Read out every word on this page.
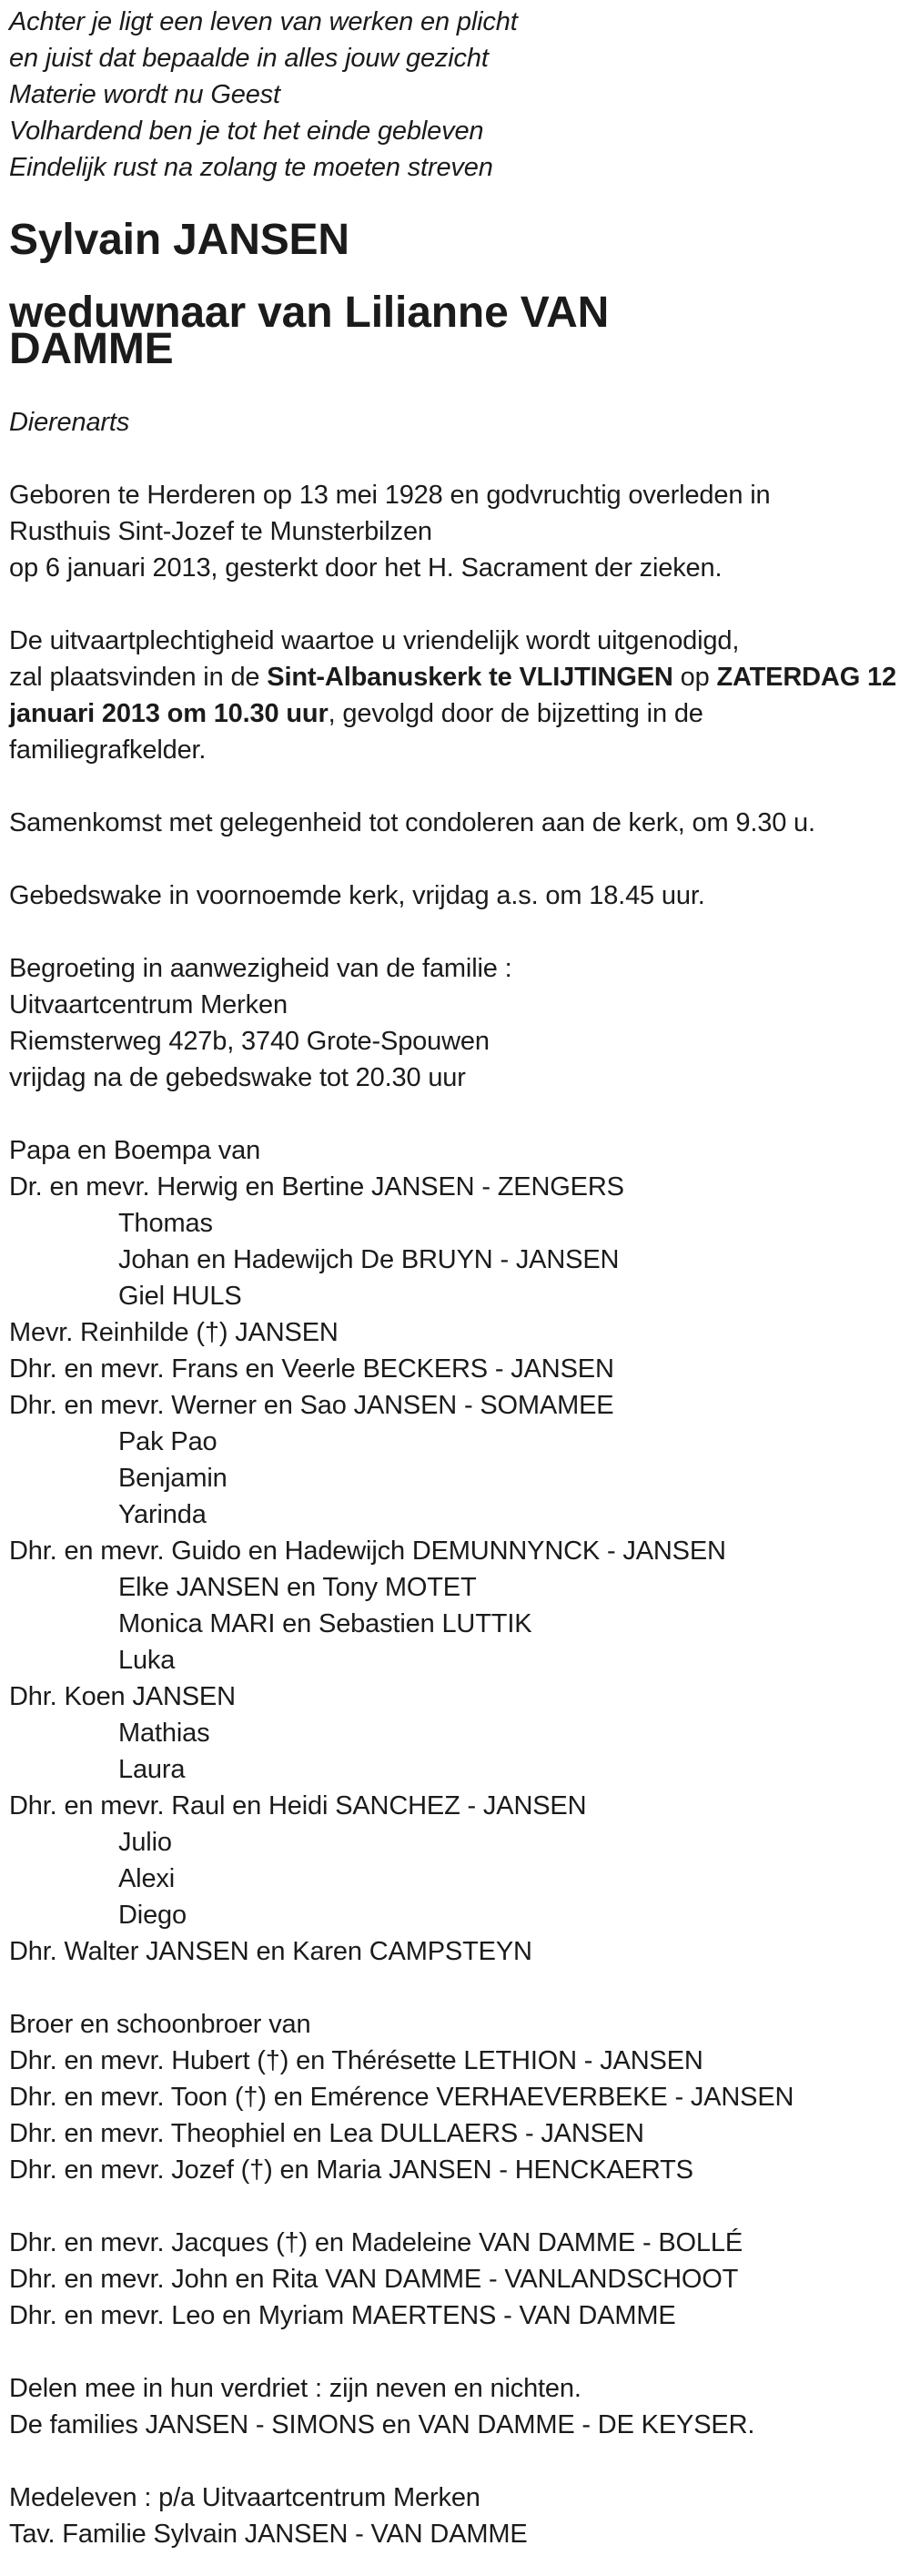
Achter je ligt een leven van werken en plicht
en juist dat bepaalde in alles jouw gezicht
Materie wordt nu Geest
Volhardend ben je tot het einde gebleven
Eindelijk rust na zolang te moeten streven
Sylvain JANSEN
weduwnaar van Lilianne VAN
DAMME
Dierenarts
Geboren te Herderen op 13 mei 1928 en godvruchtig overleden in
Rusthuis Sint-Jozef te Munsterbilzen
op 6 januari 2013, gesterkt door het H. Sacrament der zieken.
De uitvaartplechtigheid waartoe u vriendelijk wordt uitgenodigd,
zal plaatsvinden in de Sint-Albanuskerk te VLIJTINGEN op ZATERDAG 12
januari 2013 om 10.30 uur, gevolgd door de bijzetting in de
familiegrafkelder.
Samenkomst met gelegenheid tot condoleren aan de kerk, om 9.30 u.
Gebedswake in voornoemde kerk, vrijdag a.s. om 18.45 uur.
Begroeting in aanwezigheid van de familie :
Uitvaartcentrum Merken
Riemsterweg 427b, 3740 Grote-Spouwen
vrijdag na de gebedswake tot 20.30 uur
Papa en Boempa van
Dr. en mevr. Herwig en Bertine JANSEN - ZENGERS
Thomas
Johan en Hadewijch De BRUYN - JANSEN
Giel HULS
Mevr. Reinhilde (†) JANSEN
Dhr. en mevr. Frans en Veerle BECKERS - JANSEN
Dhr. en mevr. Werner en Sao JANSEN - SOMAMEE
Pak Pao
Benjamin
Yarinda
Dhr. en mevr. Guido en Hadewijch DEMUNNYNCK - JANSEN
Elke JANSEN en Tony MOTET
Monica MARI en Sebastien LUTTIK
Luka
Dhr. Koen JANSEN
Mathias
Laura
Dhr. en mevr. Raul en Heidi SANCHEZ - JANSEN
Julio
Alexi
Diego
Dhr. Walter JANSEN en Karen CAMPSTEYN
Broer en schoonbroer van
Dhr. en mevr. Hubert (†) en Thérésette LETHION - JANSEN
Dhr. en mevr. Toon (†) en Emérence VERHAEVERBEKE - JANSEN
Dhr. en mevr. Theophiel en Lea DULLAERS - JANSEN
Dhr. en mevr. Jozef (†) en Maria JANSEN - HENCKAERTS
Dhr. en mevr. Jacques (†) en Madeleine VAN DAMME - BOLLÉ
Dhr. en mevr. John en Rita VAN DAMME - VANLANDSCHOOT
Dhr. en mevr. Leo en Myriam MAERTENS - VAN DAMME
Delen mee in hun verdriet : zijn neven en nichten.
De families JANSEN - SIMONS en VAN DAMME - DE KEYSER.
Medeleven : p/a Uitvaartcentrum Merken
Tav. Familie Sylvain JANSEN - VAN DAMME
